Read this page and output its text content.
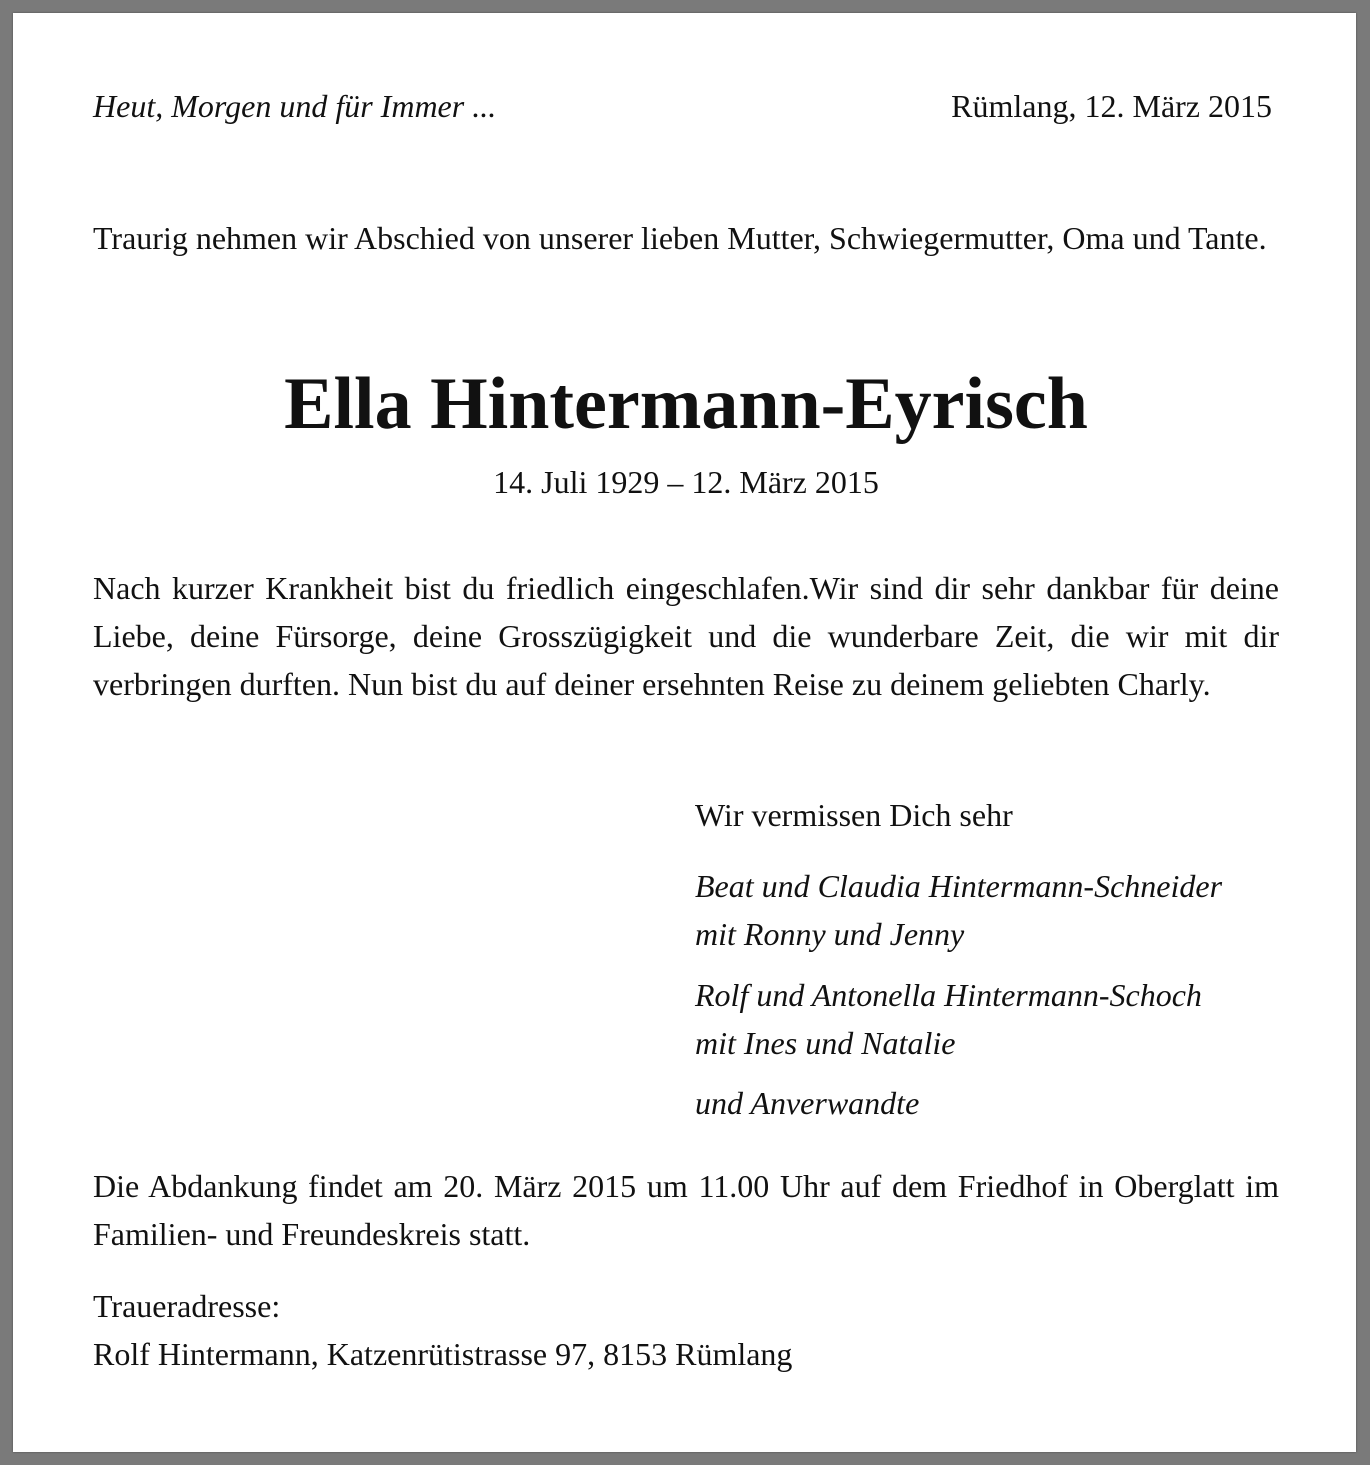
Heut, Morgen und für Immer ...	Rümlang, 12. März 2015

Traurig nehmen wir Abschied von unserer lieben Mutter, Schwiegermutter, Oma und Tante.

Ella Hintermann-Eyrisch
14. Juli 1929 – 12. März 2015

Nach kurzer Krankheit bist du friedlich eingeschlafen.Wir sind dir sehr dankbar für deine Liebe, deine Fürsorge, deine Grosszügigkeit und die wunderbare Zeit, die wir mit dir verbringen durften. Nun bist du auf deiner ersehnten Reise zu deinem geliebten Charly.

Wir vermissen Dich sehr
Beat und Claudia Hintermann-Schneider
mit Ronny und Jenny
Rolf und Antonella Hintermann-Schoch
mit Ines und Natalie
und Anverwandte

Die Abdankung findet am 20. März 2015 um 11.00 Uhr auf dem Friedhof in Oberglatt im Familien- und Freundeskreis statt.

Traueradresse:
Rolf Hintermann, Katzenrütistrasse 97, 8153 Rümlang
